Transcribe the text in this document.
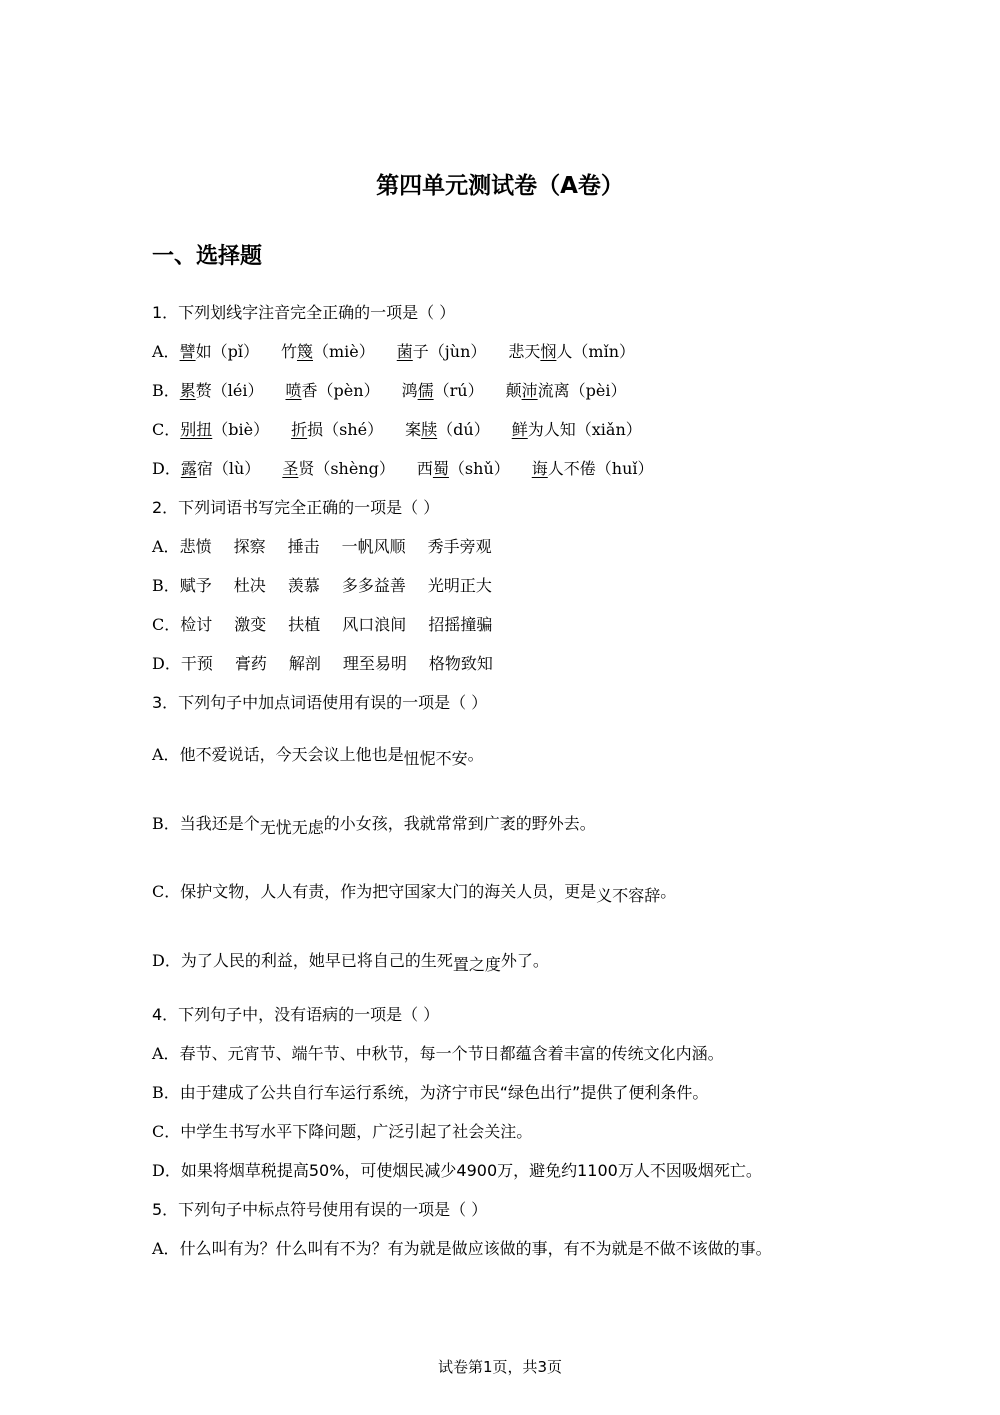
第四单元测试卷（A卷）
一、选择题
1．下列划线字注音完全正确的一项是（ ）
A．譬如（pǐ） 竹篾（miè） 菌子（jùn） 悲天悯人（mǐn）
B．累赘（léi） 喷香（pèn） 鸿儒（rú） 颠沛流离（pèi）
C．别扭（biè） 折损（shé） 案牍（dú） 鲜为人知（xiǎn）
D．露宿（lù） 圣贤（shèng） 西蜀（shǔ） 诲人不倦（huǐ）
2．下列词语书写完全正确的一项是（ ）
A．悲愤 探察 捶击 一帆风顺 秀手旁观
B．赋予 杜决 羡慕 多多益善 光明正大
C．检讨 激变 扶植 风口浪间 招摇撞骗
D．干预 膏药 解剖 理至易明 格物致知
3．下列句子中加点词语使用有误的一项是（ ）
A．他不爱说话，今天会议上他也是忸怩不安。
B．当我还是个无忧无虑的小女孩，我就常常到广袤的野外去。
C．保护文物，人人有责，作为把守国家大门的海关人员，更是义不容辞。
D．为了人民的利益，她早已将自己的生死置之度外了。
4．下列句子中，没有语病的一项是（ ）
A．春节、元宵节、端午节、中秋节，每一个节日都蕴含着丰富的传统文化内涵。
B．由于建成了公共自行车运行系统，为济宁市民“绿色出行”提供了便利条件。
C．中学生书写水平下降问题，广泛引起了社会关注。
D．如果将烟草税提高50%，可使烟民减少4900万，避免约1100万人不因吸烟死亡。
5．下列句子中标点符号使用有误的一项是（ ）
A．什么叫有为？什么叫有不为？有为就是做应该做的事，有不为就是不做不该做的事。
试卷第1页，共3页
